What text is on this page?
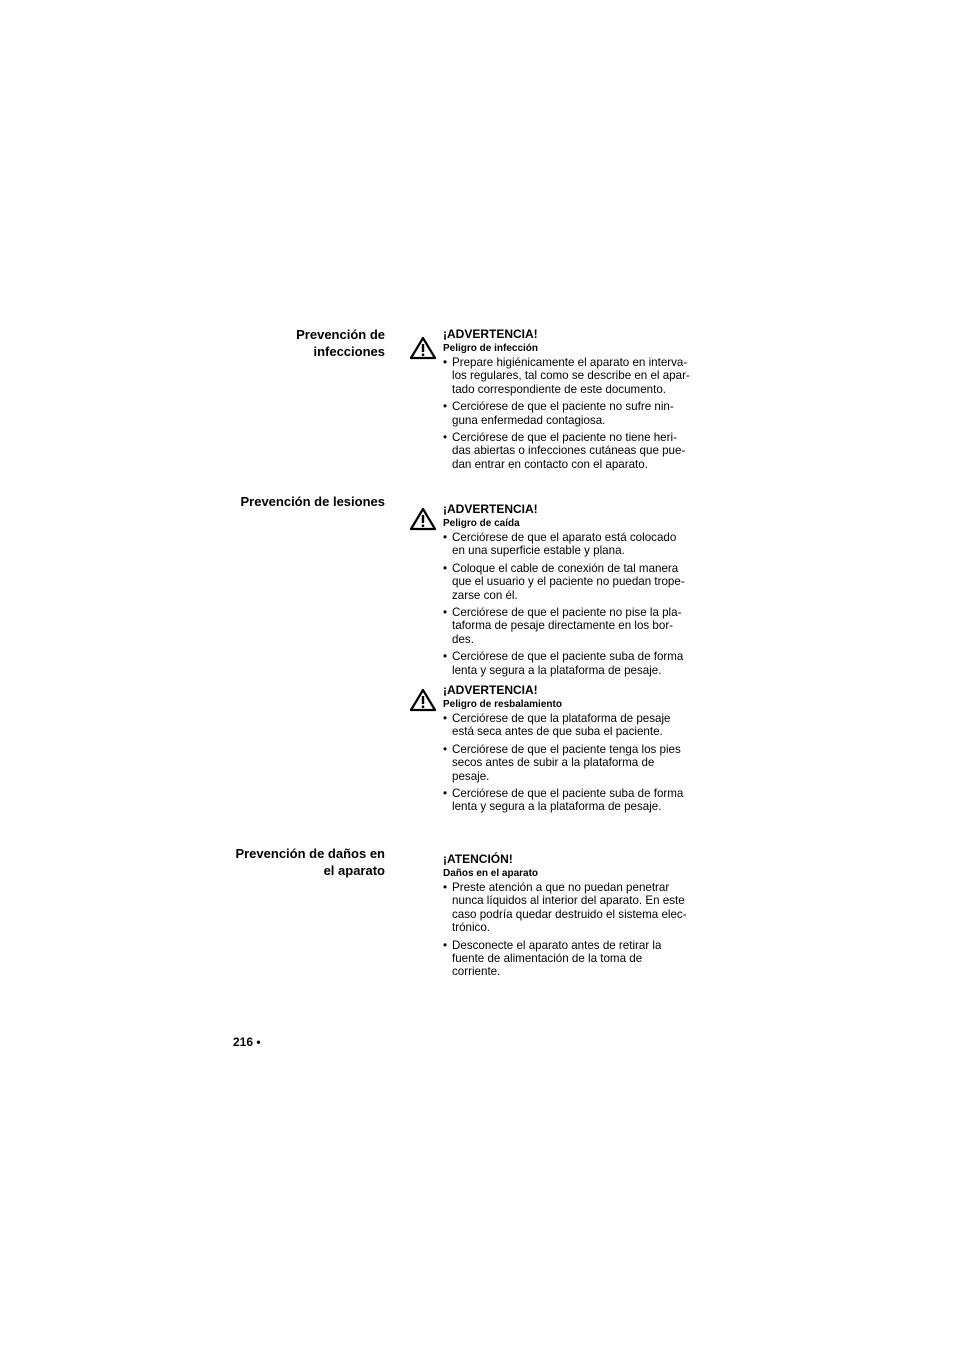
Prevención de
infecciones
¡ADVERTENCIA!
Peligro de infección
• Prepare higiénicamente el aparato en interva-
los regulares, tal como se describe en el apar-
tado correspondiente de este documento.
• Cerciórese de que el paciente no sufre nin-
guna enfermedad contagiosa.
• Cerciórese de que el paciente no tiene heri-
das abiertas o infecciones cutáneas que pue-
dan entrar en contacto con el aparato.
Prevención de lesiones	¡ADVERTENCIA!
Peligro de caída
• Cerciórese de que el aparato está colocado
en una superficie estable y plana.
• Coloque el cable de conexión de tal manera
que el usuario y el paciente no puedan trope-
zarse con él.
• Cerciórese de que el paciente no pise la pla-
taforma de pesaje directamente en los bor-
des.
• Cerciórese de que el paciente suba de forma
lenta y segura a la plataforma de pesaje.
¡ADVERTENCIA!
Peligro de resbalamiento
• Cerciórese de que la plataforma de pesaje
está seca antes de que suba el paciente.
• Cerciórese de que el paciente tenga los pies
secos antes de subir a la plataforma de
pesaje.
• Cerciórese de que el paciente suba de forma
lenta y segura a la plataforma de pesaje.
Prevención de daños en
el aparato
¡ATENCIÓN!
Daños en el aparato
• Preste atención a que no puedan penetrar
nunca líquidos al interior del aparato. En este
caso podría quedar destruido el sistema elec-
trónico.
• Desconecte el aparato antes de retirar la
fuente de alimentación de la toma de
corriente.
216 •
